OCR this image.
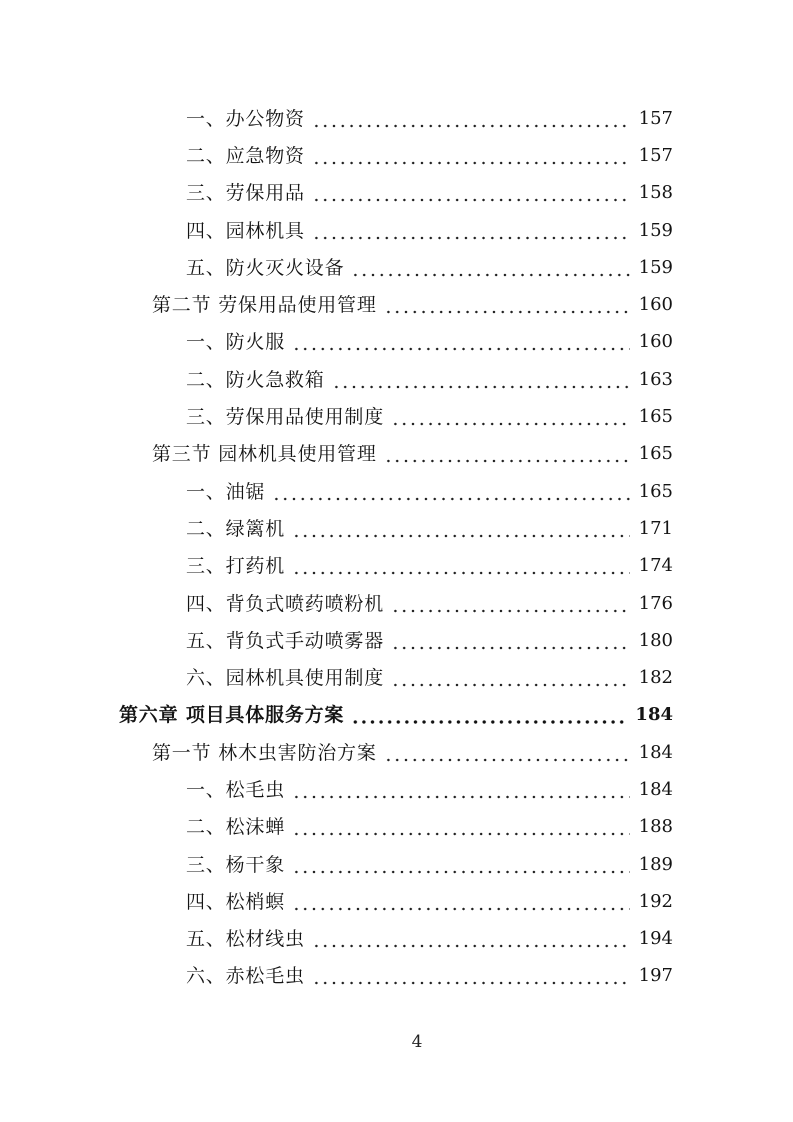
一、办公物资	157
二、应急物资	157
三、劳保用品	158
四、园林机具	159
五、防火灭火设备	159
第二节 劳保用品使用管理	160
一、防火服	160
二、防火急救箱	163
三、劳保用品使用制度	165
第三节 园林机具使用管理	165
一、油锯	165
二、绿篱机	171
三、打药机	174
四、背负式喷药喷粉机	176
五、背负式手动喷雾器	180
六、园林机具使用制度	182
第六章 项目具体服务方案	184
第一节 林木虫害防治方案	184
一、松毛虫	184
二、松沫蝉	188
三、杨干象	189
四、松梢螟	192
五、松材线虫	194
六、赤松毛虫	197
4
